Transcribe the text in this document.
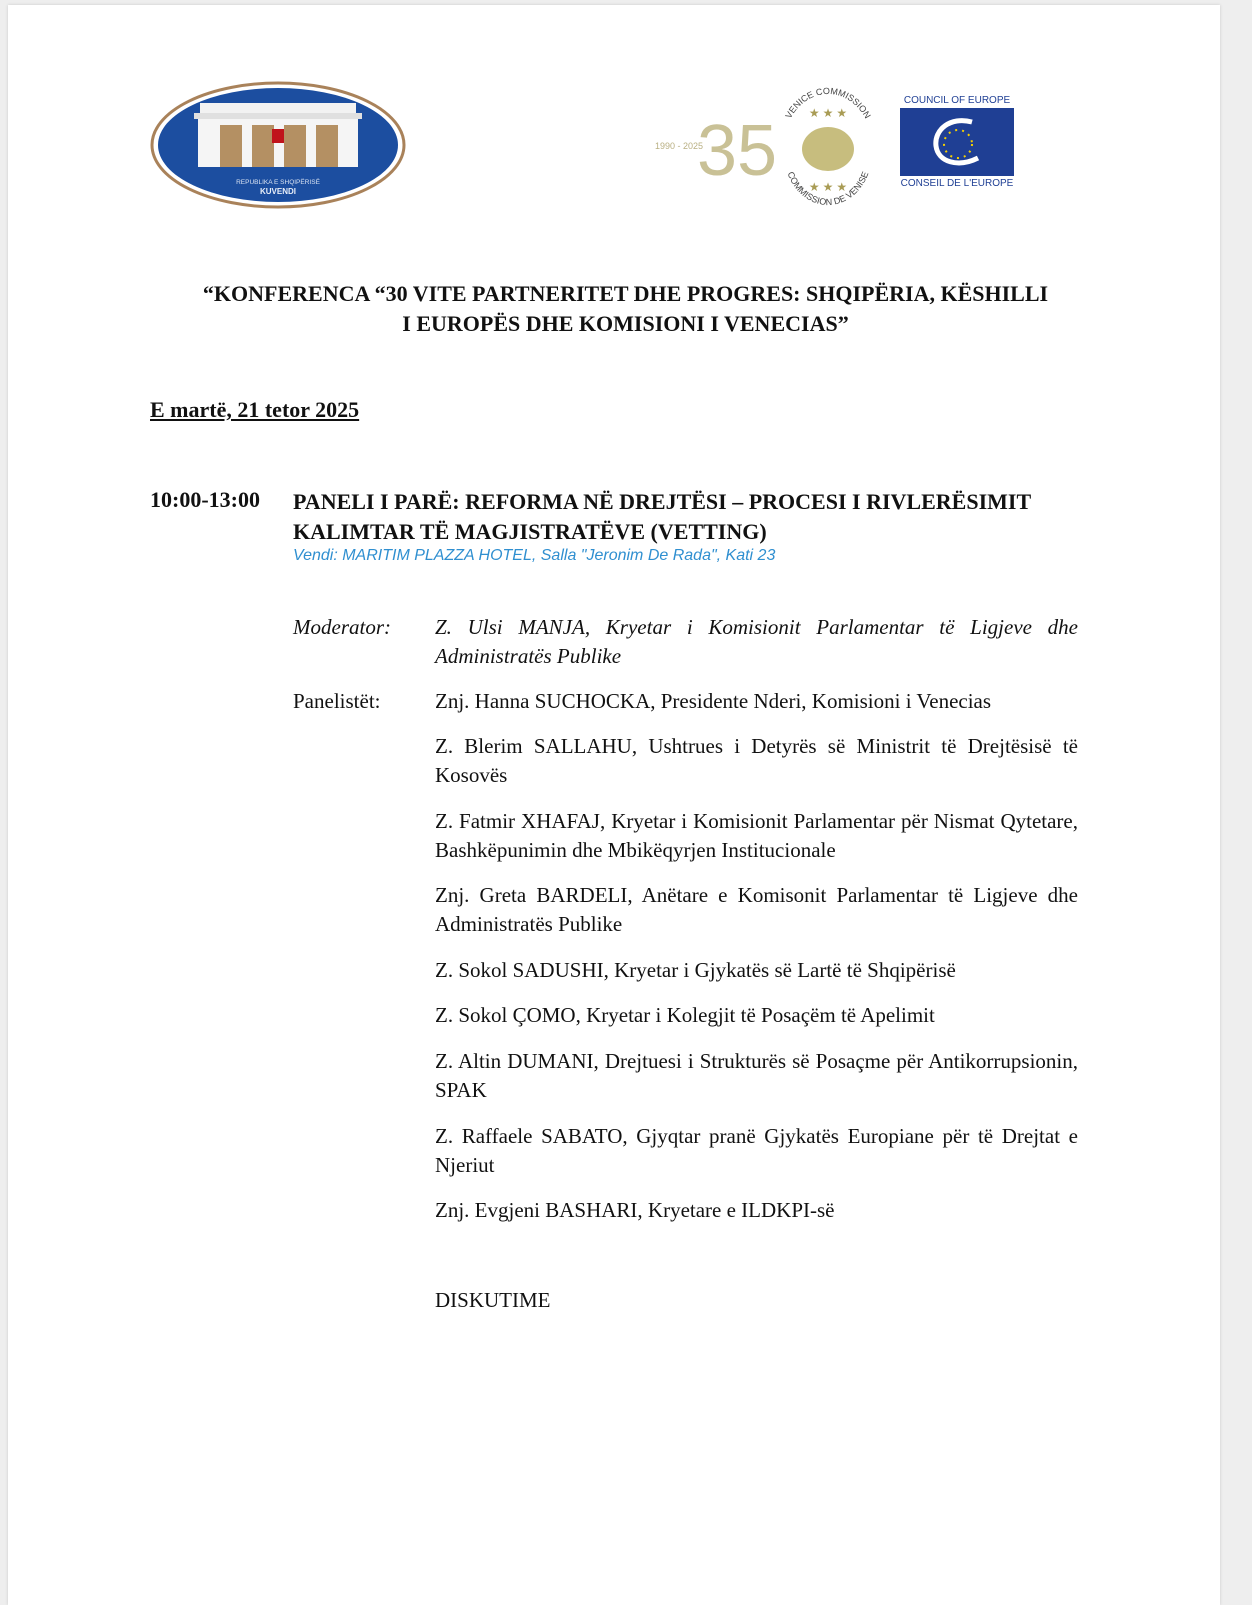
REPUBLIKA E SHQIPËRISË
KUVENDI
1990 - 2025
35 VENICE COMMISSION
COMMISSION DE VENISE
★ ★ ★
★ ★ ★
COUNCIL OF EUROPE
CONSEIL DE L'EUROPE
“KONFERENCA “30 VITE PARTNERITET DHE PROGRES: SHQIPËRIA, KËSHILLI
I EUROPËS DHE KOMISIONI I VENECIAS”
E martë, 21 tetor 2025
10:00-13:00 PANELI I PARË: REFORMA NË DREJTËSI – PROCESI I RIVLERËSIMIT KALIMTAR TË MAGJISTRATËVE (VETTING)
Vendi: MARITIM PLAZZA HOTEL, Salla "Jeronim De Rada", Kati 23
Moderator: Z. Ulsi MANJA, Kryetar i Komisionit Parlamentar të Ligjeve dhe Administratës Publike
Panelistët:	Znj. Hanna SUCHOCKA, Presidente Nderi, Komisioni i Venecias
Z. Blerim SALLAHU, Ushtrues i Detyrës së Ministrit të Drejtësisë të Kosovës
Z. Fatmir XHAFAJ, Kryetar i Komisionit Parlamentar për Nismat Qytetare, Bashkëpunimin dhe Mbikëqyrjen Institucionale
Znj. Greta BARDELI, Anëtare e Komisonit Parlamentar të Ligjeve dhe Administratës Publike
Z. Sokol SADUSHI, Kryetar i Gjykatës së Lartë të Shqipërisë
Z. Sokol ÇOMO, Kryetar i Kolegjit të Posaçëm të Apelimit
Z. Altin DUMANI, Drejtuesi i Strukturës së Posaçme për Antikorrupsionin, SPAK
Z. Raffaele SABATO, Gjyqtar pranë Gjykatës Europiane për të Drejtat e Njeriut
Znj. Evgjeni BASHARI, Kryetare e ILDKPI-së
DISKUTIME
